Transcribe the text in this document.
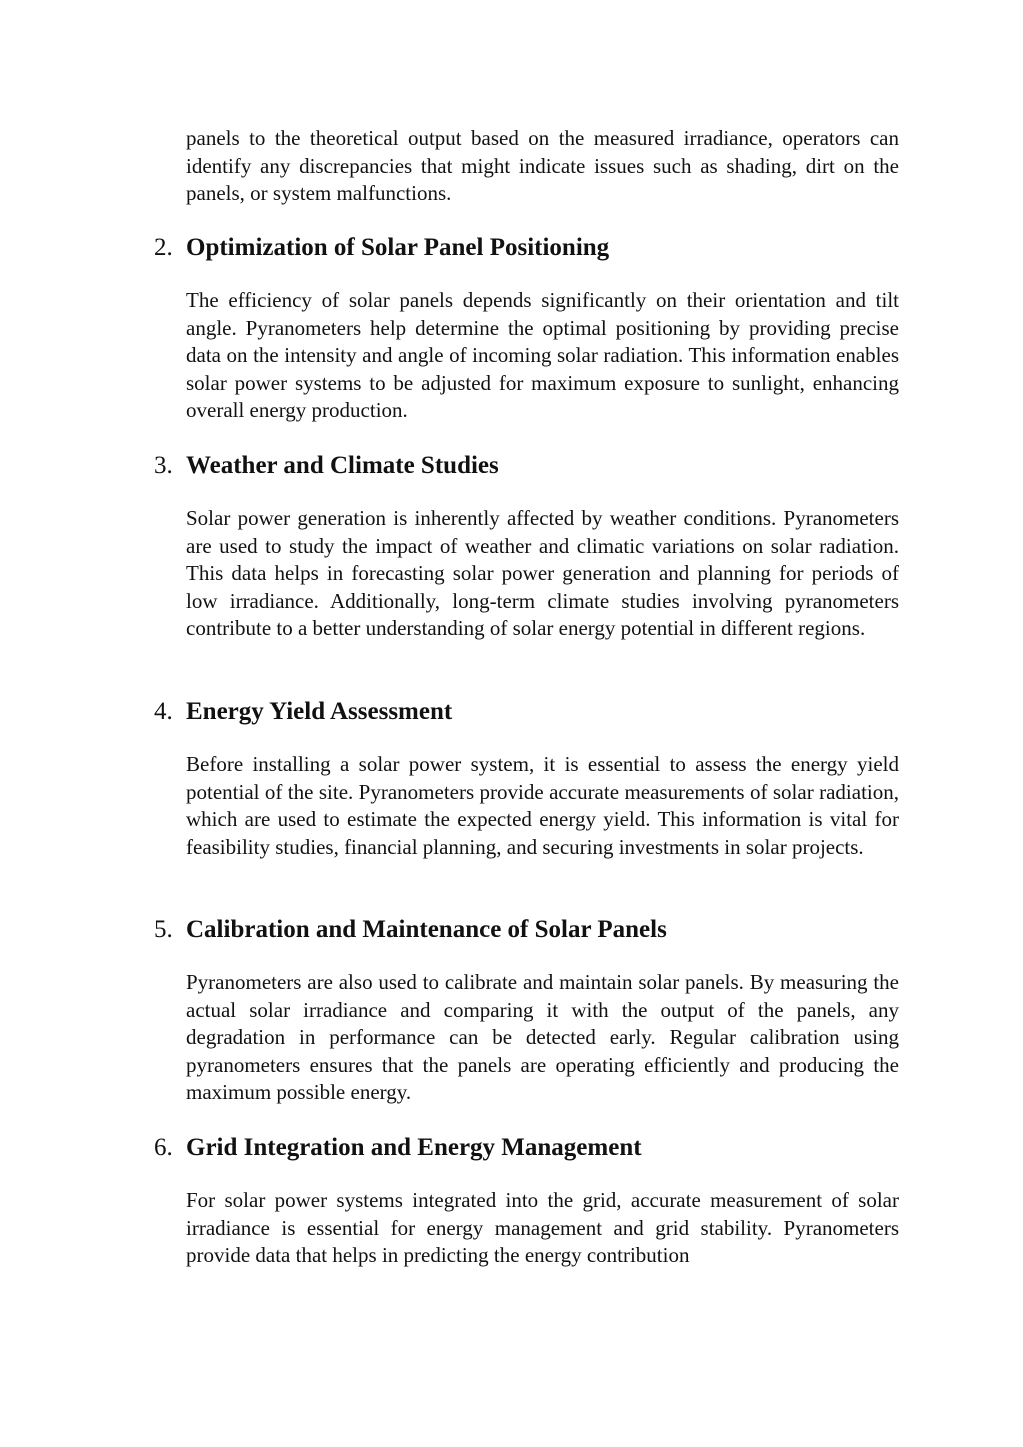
panels to the theoretical output based on the measured irradiance, operators can identify any discrepancies that might indicate issues such as shading, dirt on the panels, or system malfunctions.

2. Optimization of Solar Panel Positioning

The efficiency of solar panels depends significantly on their orientation and tilt angle. Pyranometers help determine the optimal positioning by providing precise data on the intensity and angle of incoming solar radiation. This information enables solar power systems to be adjusted for maximum exposure to sunlight, enhancing overall energy production.

3. Weather and Climate Studies

Solar power generation is inherently affected by weather conditions. Pyranometers are used to study the impact of weather and climatic variations on solar radiation. This data helps in forecasting solar power generation and planning for periods of low irradiance. Additionally, long-term climate studies involving pyranometers contribute to a better understanding of solar energy potential in different regions.

4. Energy Yield Assessment

Before installing a solar power system, it is essential to assess the energy yield potential of the site. Pyranometers provide accurate measurements of solar radiation, which are used to estimate the expected energy yield. This information is vital for feasibility studies, financial planning, and securing investments in solar projects.

5. Calibration and Maintenance of Solar Panels

Pyranometers are also used to calibrate and maintain solar panels. By measuring the actual solar irradiance and comparing it with the output of the panels, any degradation in performance can be detected early. Regular calibration using pyranometers ensures that the panels are operating efficiently and producing the maximum possible energy.

6. Grid Integration and Energy Management

For solar power systems integrated into the grid, accurate measurement of solar irradiance is essential for energy management and grid stability. Pyranometers provide data that helps in predicting the energy contribution
